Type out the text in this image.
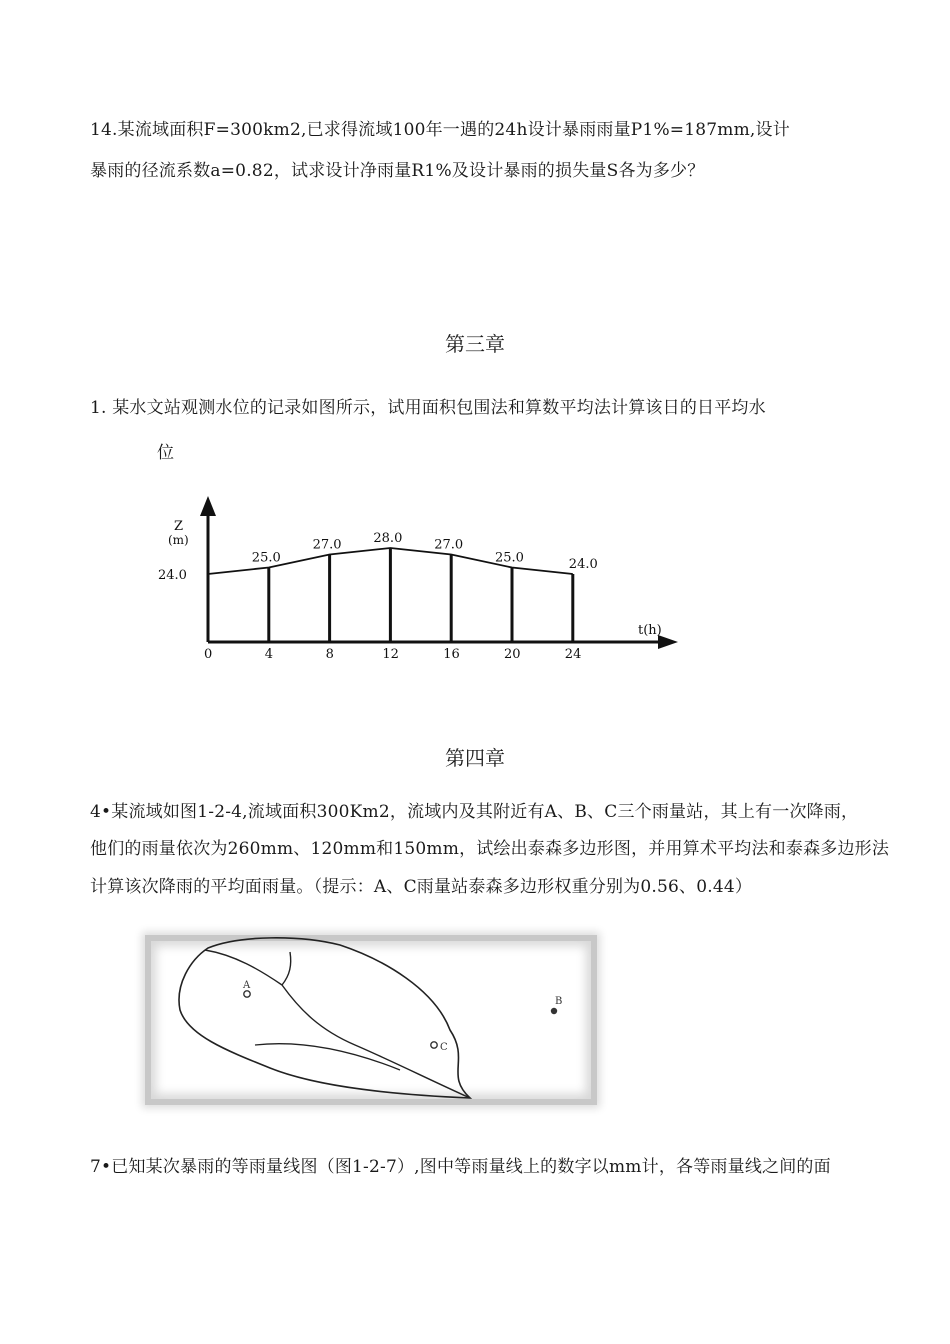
14.某流域面积F=300km2,已求得流域100年一遇的24h设计暴雨雨量P1%=187mm,设计
暴雨的径流系数a=0.82，试求设计净雨量R1%及设计暴雨的损失量S各为多少？
第三章
1. 某水文站观测水位的记录如图所示，试用面积包围法和算数平均法计算该日的日平均水
位
Z
(m)
t(h)
24.0
0
25.0
4
27.0
8
28.0
12
27.0
16
25.0
20
24.0
24
第四章
4•某流域如图1-2-4,流域面积300Km2，流域内及其附近有A、B、C三个雨量站，其上有一次降雨，
他们的雨量依次为260mm、120mm和150mm，试绘出泰森多边形图，并用算术平均法和泰森多边形法
计算该次降雨的平均面雨量。（提示：A、C雨量站泰森多边形权重分别为0.56、0.44）
A
B
C
7•已知某次暴雨的等雨量线图（图1-2-7）,图中等雨量线上的数字以mm计，各等雨量线之间的面
